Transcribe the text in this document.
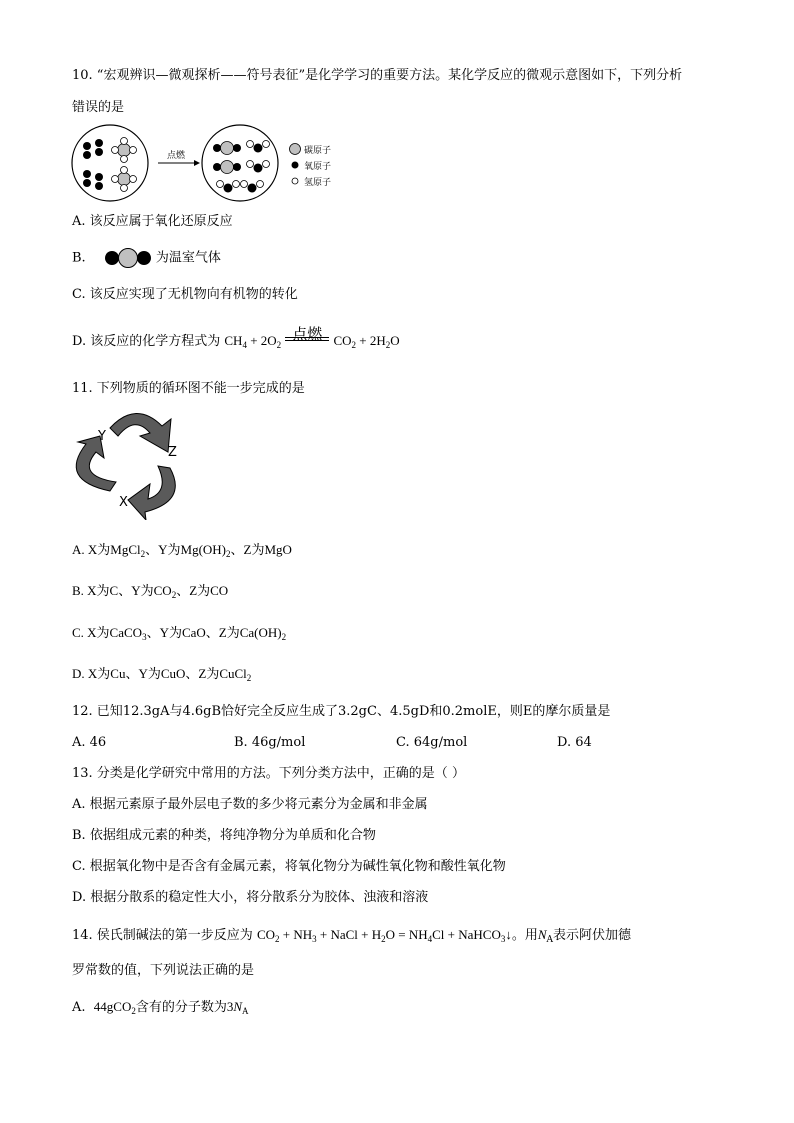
10. “宏观辨识—微观探析——符号表征”是化学学习的重要方法。某化学反应的微观示意图如下，下列分析
错误的是
点燃	碳原子
氧原子
氢原子
A. 该反应属于氧化还原反应
B.	为温室气体
C. 该反应实现了无机物向有机物的转化
D. 该反应的化学方程式为 $CH_4 + 2O_2$
点燃 $CO_2 + 2H_2O$
11. 下列物质的循环图不能一步完成的是
Y
Z
X
A. X为MgCl$_2$、Y为$Mg(OH)_2$、Z为MgO
B. X为C、Y为$CO_2$、Z为CO
C. X为CaCO$_3$、Y为CaO、Z为$Ca(OH)_2$
D. X为Cu、Y为CuO、Z为CuCl$_2$
12. 已知12.3gA与4.6gB恰好完全反应生成了3.2gC、4.5gD和0.2molE，则E的摩尔质量是
A. 46	B. 46g/mol	C. 64g/mol	D. 64
13. 分类是化学研究中常用的方法。下列分类方法中，正确的是（ ）
A. 根据元素原子最外层电子数的多少将元素分为金属和非金属
B. 依据组成元素的种类，将纯净物分为单质和化合物
C. 根据氧化物中是否含有金属元素，将氧化物分为碱性氧化物和酸性氧化物
D. 根据分散系的稳定性大小，将分散系分为胶体、浊液和溶液
14. 侯氏制碱法的第一步反应为 $CO_2 + NH_3$ + NaCl + $H_2O = NH_4Cl$ + NaHCO$_3$↓。用$N_A$表示阿伏加德
罗常数的值，下列说法正确的是
A.  44gCO$_2$含有的分子数为$3N_A$
